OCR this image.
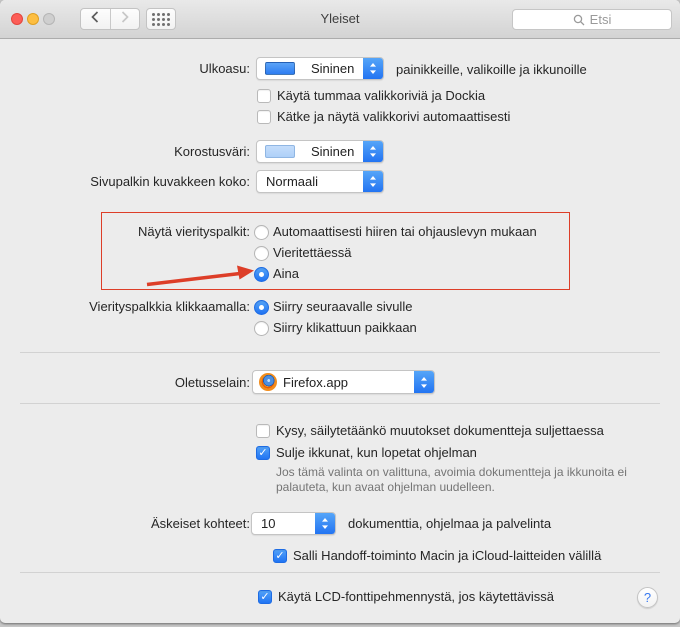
Yleiset	Etsi
Ulkoasu:	Sininen	painikkeille, valikoille ja ikkunoille
Käytä tummaa valikkoriviä ja Dockia
Kätke ja näytä valikkorivi automaattisesti
Korostusväri:	Sininen
Sivupalkin kuvakkeen koko:	Normaali
Näytä vierityspalkit: Automaattisesti hiiren tai ohjauslevyn mukaan
Vieritettäessä
Aina
Vierityspalkkia klikkaamalla: Siirry seuraavalle sivulle
Siirry klikattuun paikkaan
Oletusselain:	Firefox.app
Kysy, säilytetäänkö muutokset dokumentteja suljettaessa
✓ Sulje ikkunat, kun lopetat ohjelman
Jos tämä valinta on valittuna, avoimia dokumentteja ja ikkunoita ei palauteta, kun avaat ohjelman uudelleen.
Äskeiset kohteet: 10	dokumenttia, ohjelmaa ja palvelinta
✓ Salli Handoff-toiminto Macin ja iCloud-laitteiden välillä
✓ Käytä LCD-fonttipehmennystä, jos käytettävissä	?
